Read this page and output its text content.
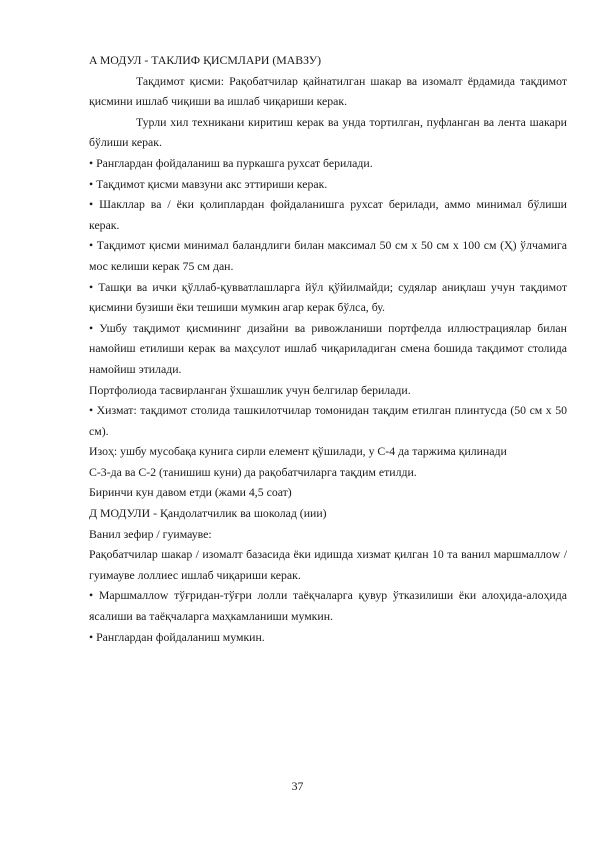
A МОДУЛ - ТАКЛИФ ҚИСМЛАРИ (МАВЗУ)

Тақдимот қисми: Рақобатчилар қайнатилган шакар ва изомалт ёрдамида тақдимот қисмини ишлаб чиқиши ва ишлаб чиқариши керак.

Турли хил техникани киритиш керак ва унда тортилган, пуфланган ва лента шакари бўлиши керак.

• Ранглардан фойдаланиш ва пуркашга рухсат берилади.

• Тақдимот қисми мавзуни акс эттириши керак.

• Шакллар ва / ёки қолиплардан фойдаланишга рухсат берилади, аммо минимал бўлиши керак.

• Тақдимот қисми минимал баландлиги билан максимал 50 см x 50 см x 100 см (Ҳ) ўлчамига мос келиши керак 75 см дан.

• Ташқи ва ички қўллаб-қувватлашларга йўл қўйилмайди; судялар аниқлаш учун тақдимот қисмини бузиши ёки тешиши мумкин агар керак бўлса, бу.

• Ушбу тақдимот қисмининг дизайни ва ривожланиши портфелда иллюстрациялар билан намойиш етилиши керак ва маҳсулот ишлаб чиқариладиган смена бошида тақдимот столида намойиш этилади.

Портфолиода тасвирланган ўхшашлик учун белгилар берилади.

• Хизмат: тақдимот столида ташкилотчилар томонидан тақдим етилган плинтусда (50 см x 50 см).

Изоҳ: ушбу мусобақа кунига сирли елемент қўшилади, у C-4 да таржима қилинади

C-3-да ва C-2 (танишиш куни) да рақобатчиларга тақдим етилди.

Биринчи кун давом етди (жами 4,5 соат)

Д МОДУЛИ - Қандолатчилик ва шоколад (иии)

Ванил зефир / гуимауве:

Рақобатчилар шакар / изомалт базасида ёки идишда хизмат қилган 10 та ванил маршмаллоw / гуимауве лоллиес ишлаб чиқариши керак.

• Маршмаллоw тўғридан-тўғри лолли таёқчаларга қувур ўтказилиши ёки алоҳида-алоҳида ясалиши ва таёқчаларга маҳкамланиши мумкин.

• Ранглардан фойдаланиш мумкин.

37
